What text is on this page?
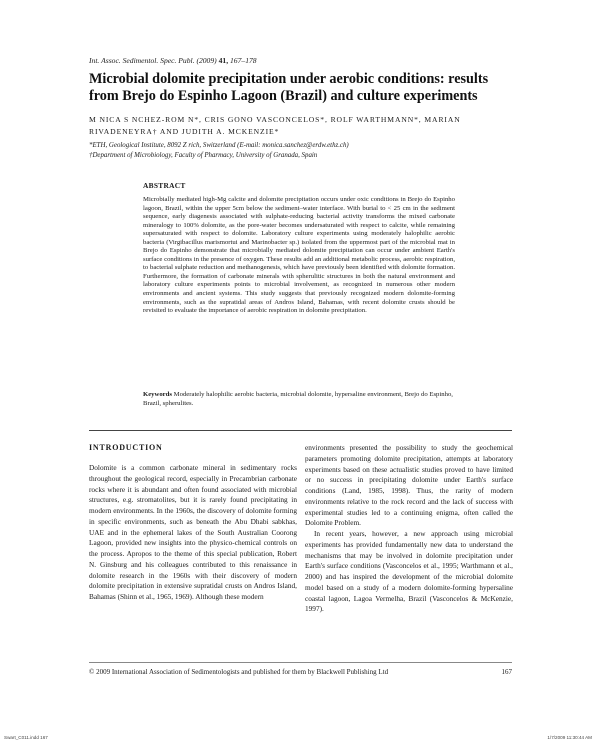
Int. Assoc. Sedimentol. Spec. Publ. (2009) 41, 167–178
Microbial dolomite precipitation under aerobic conditions: results from Brejo do Espinho Lagoon (Brazil) and culture experiments
M NICA S NCHEZ-ROM N*, CRIS GONO VASCONCELOS*, ROLF WARTHMANN*, MARIAN RIVADENEYRA† AND JUDITH A. MCKENZIE*
*ETH, Geological Institute, 8092 Z rich, Switzerland (E-mail: monica.sanchez@erdw.ethz.ch)
†Department of Microbiology, Faculty of Pharmacy, University of Granada, Spain
ABSTRACT

Microbially mediated high-Mg calcite and dolomite precipitation occurs under oxic conditions in Brejo do Espinho lagoon, Brazil, within the upper 5cm below the sediment–water interface. With burial to < 25 cm in the sediment sequence, early diagenesis associated with sulphate-reducing bacterial activity transforms the mixed carbonate mineralogy to 100% dolomite, as the pore-water becomes undersaturated with respect to calcite, while remaining supersaturated with respect to dolomite. Laboratory culture experiments using moderately halophilic aerobic bacteria (Virgibacillus marismortui and Marinobacter sp.) isolated from the uppermost part of the microbial mat in Brejo do Espinho demonstrate that microbially mediated dolomite precipitation can occur under ambient Earth's surface conditions in the presence of oxygen. These results add an additional metabolic process, aerobic respiration, to bacterial sulphate reduction and methanogenesis, which have previously been identified with dolomite formation. Furthermore, the formation of carbonate minerals with spherulitic structures in both the natural environment and laboratory culture experiments points to microbial involvement, as recognized in numerous other modern environments and ancient systems. This study suggests that previously recognized modern dolomite-forming environments, such as the supratidal areas of Andros Island, Bahamas, with recent dolomite crusts should be revisited to evaluate the importance of aerobic respiration in dolomite precipitation.

Keywords Moderately halophilic aerobic bacteria, microbial dolomite, hypersaline environment, Brejo do Espinho, Brazil, spherulites.

INTRODUCTION

Dolomite is a common carbonate mineral in sedimentary rocks throughout the geological record, especially in Precambrian carbonate rocks where it is abundant and often found associated with microbial structures, e.g. stromatolites, but it is rarely found precipitating in modern environments. In the 1960s, the discovery of dolomite forming in specific environments, such as beneath the Abu Dhabi sabkhas, UAE and in the ephemeral lakes of the South Australian Coorong Lagoon, provided new insights into the physico-chemical controls on the process. Apropos to the theme of this special publication, Robert N. Ginsburg and his colleagues contributed to this renaissance in dolomite research in the 1960s with their discovery of modern dolomite precipitation in extensive supratidal crusts on Andros Island, Bahamas (Shinn et al., 1965, 1969). Although these modern

environments presented the possibility to study the geochemical parameters promoting dolomite precipitation, attempts at laboratory experiments based on these actualistic studies proved to have limited or no success in precipitating dolomite under Earth's surface conditions (Land, 1985, 1998). Thus, the rarity of modern environments relative to the rock record and the lack of success with experimental studies led to a continuing enigma, often called the Dolomite Problem.

In recent years, however, a new approach using microbial experiments has provided fundamentally new data to understand the mechanisms that may be involved in dolomite precipitation under Earth's surface conditions (Vasconcelos et al., 1995; Warthmann et al., 2000) and has inspired the development of the microbial dolomite model based on a study of a modern dolomite-forming hypersaline coastal lagoon, Lagoa Vermelha, Brazil (Vasconcelos & McKenzie, 1997).

© 2009 International Association of Sedimentologists and published for them by Blackwell Publishing Ltd	167
Swart_C011.indd 167	1/7/2009 11:30:44 AM
